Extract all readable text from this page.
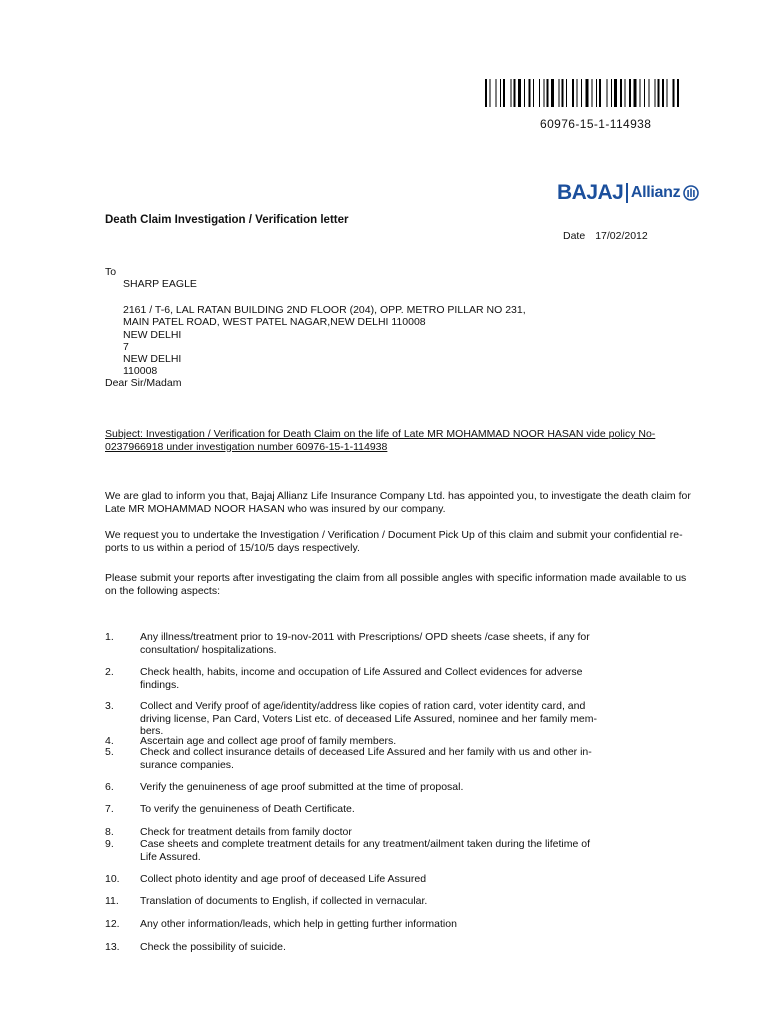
60976-15-1-114938
BAJAJ Allianz
Death Claim Investigation / Verification letter
Date 17/02/2012
To
SHARP EAGLE
2161 / T-6, LAL RATAN BUILDING 2ND FLOOR (204), OPP. METRO PILLAR NO 231,
MAIN PATEL ROAD, WEST PATEL NAGAR,NEW DELHI 110008
NEW DELHI
7
NEW DELHI
110008
Dear Sir/Madam
Subject: Investigation / Verification for Death Claim on the life of Late MR MOHAMMAD NOOR HASAN vide policy No-
0237966918 under investigation number 60976-15-1-114938
We are glad to inform you that, Bajaj Allianz Life Insurance Company Ltd. has appointed you, to investigate the death claim for
Late MR MOHAMMAD NOOR HASAN who was insured by our company.
We request you to undertake the Investigation / Verification / Document Pick Up of this claim and submit your confidential re-
ports to us within a period of 15/10/5 days respectively.
Please submit your reports after investigating the claim from all possible angles with specific information made available to us
on the following aspects:
1. Any illness/treatment prior to 19-nov-2011 with Prescriptions/ OPD sheets /case sheets, if any for
consultation/ hospitalizations.
2. Check health, habits, income and occupation of Life Assured and Collect evidences for adverse
findings.
3. Collect and Verify proof of age/identity/address like copies of ration card, voter identity card, and
driving license, Pan Card, Voters List etc. of deceased Life Assured, nominee and her family mem-
bers.
4. Ascertain age and collect age proof of family members.
5. Check and collect insurance details of deceased Life Assured and her family with us and other in-
surance companies.
6. Verify the genuineness of age proof submitted at the time of proposal.
7. To verify the genuineness of Death Certificate.
8. Check for treatment details from family doctor
9. Case sheets and complete treatment details for any treatment/ailment taken during the lifetime of
Life Assured.
10. Collect photo identity and age proof of deceased Life Assured
11. Translation of documents to English, if collected in vernacular.
12. Any other information/leads, which help in getting further information
13. Check the possibility of suicide.
